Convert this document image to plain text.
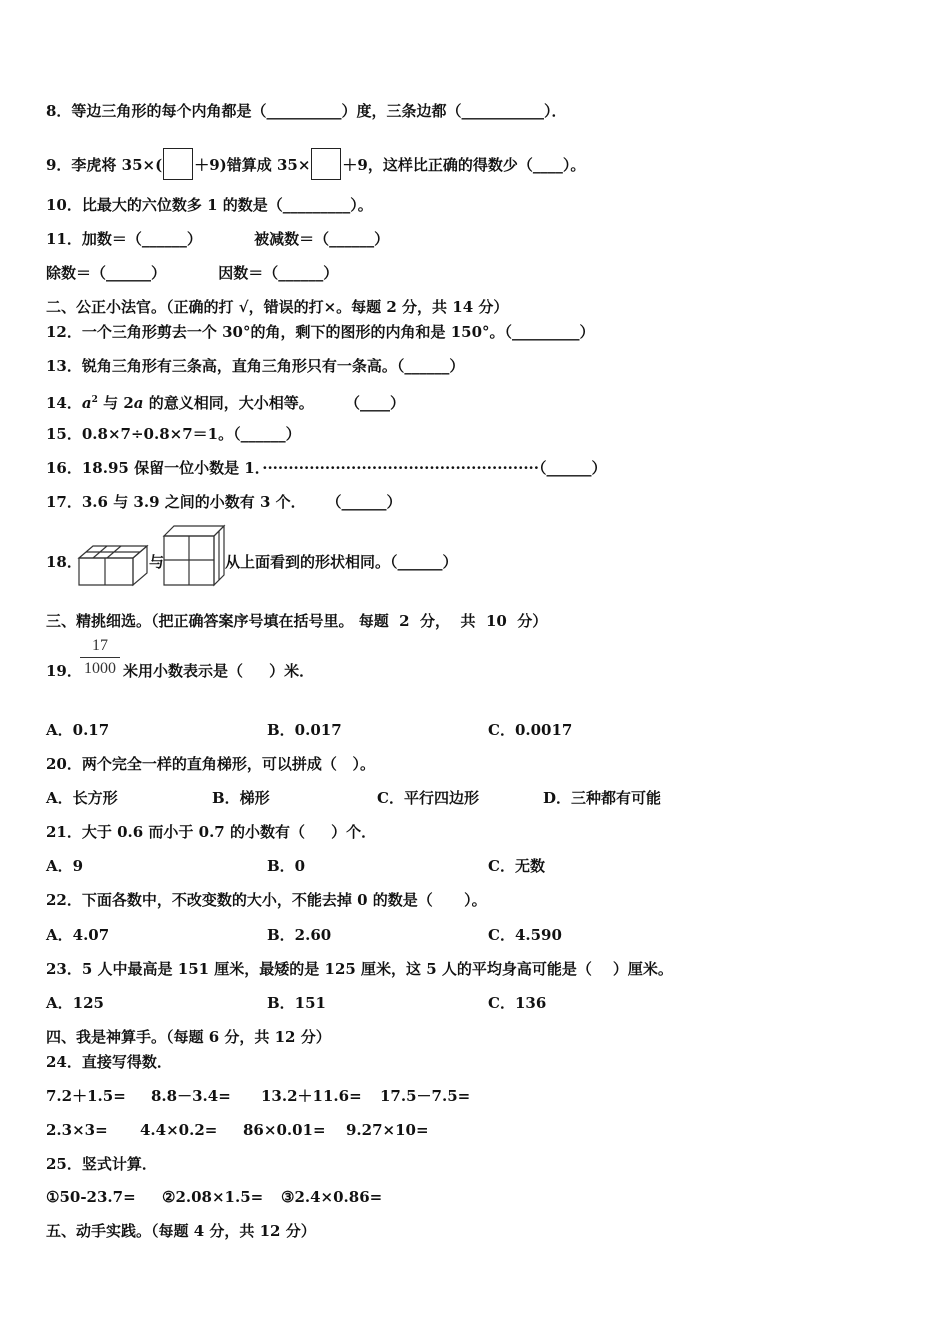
8．等边三角形的每个内角都是（__________）度，三条边都（___________）．
9．李虎将 35×( ＋9)错算成 35× ＋9，这样比正确的得数少（____）。
10．比最大的六位数多 1 的数是（_________）。
11．加数＝（______）          被减数＝（______）
除数＝（______）          因数＝（______）
二、公正小法官。（正确的打 √，错误的打×。每题 2 分，共 14 分）
12．一个三角形剪去一个 30°的角，剩下的图形的内角和是 150°。（_________）
13．锐角三角形有三条高，直角三角形只有一条高。（______）
14．$a^2$ 与 2a 的意义相同，大小相等。      （____）
15．0.8×7÷0.8×7＝1。（______）
16．18.95 保留一位小数是 1．·····················································（______）
17．3.6 与 3.9 之间的小数有 3 个．    （______）
18．	与	从上面看到的形状相同。（______）
三、精挑细选。（把正确答案序号填在括号里。 每题  2  分，  共  10  分）
19．
17
1000 米用小数表示是（     ）米．
A．0.17	B．0.017	C．0.0017
20．两个完全一样的直角梯形，可以拼成（   ）。
A．长方形	B．梯形	C．平行四边形	D．三种都有可能
21．大于 0.6 而小于 0.7 的小数有（     ）个．
A．9	B．0	C．无数
22．下面各数中，不改变数的大小，不能去掉 0 的数是（      ）。
A．4.07	B．2.60	C．4.590
23．5 人中最高是 151 厘米，最矮的是 125 厘米，这 5 人的平均身高可能是（    ）厘米。
A．125	B．151	C．136
四、我是神算手。（每题 6 分，共 12 分）
24．直接写得数．
7.2＋1.5= 8.8－3.4= 13.2＋11.6= 17.5－7.5=
2.3×3= 4.4×0.2= 86×0.01= 9.27×10=
25．竖式计算．
①50-23.7= ②2.08×1.5= ③2.4×0.86=
五、动手实践。（每题 4 分，共 12 分）
